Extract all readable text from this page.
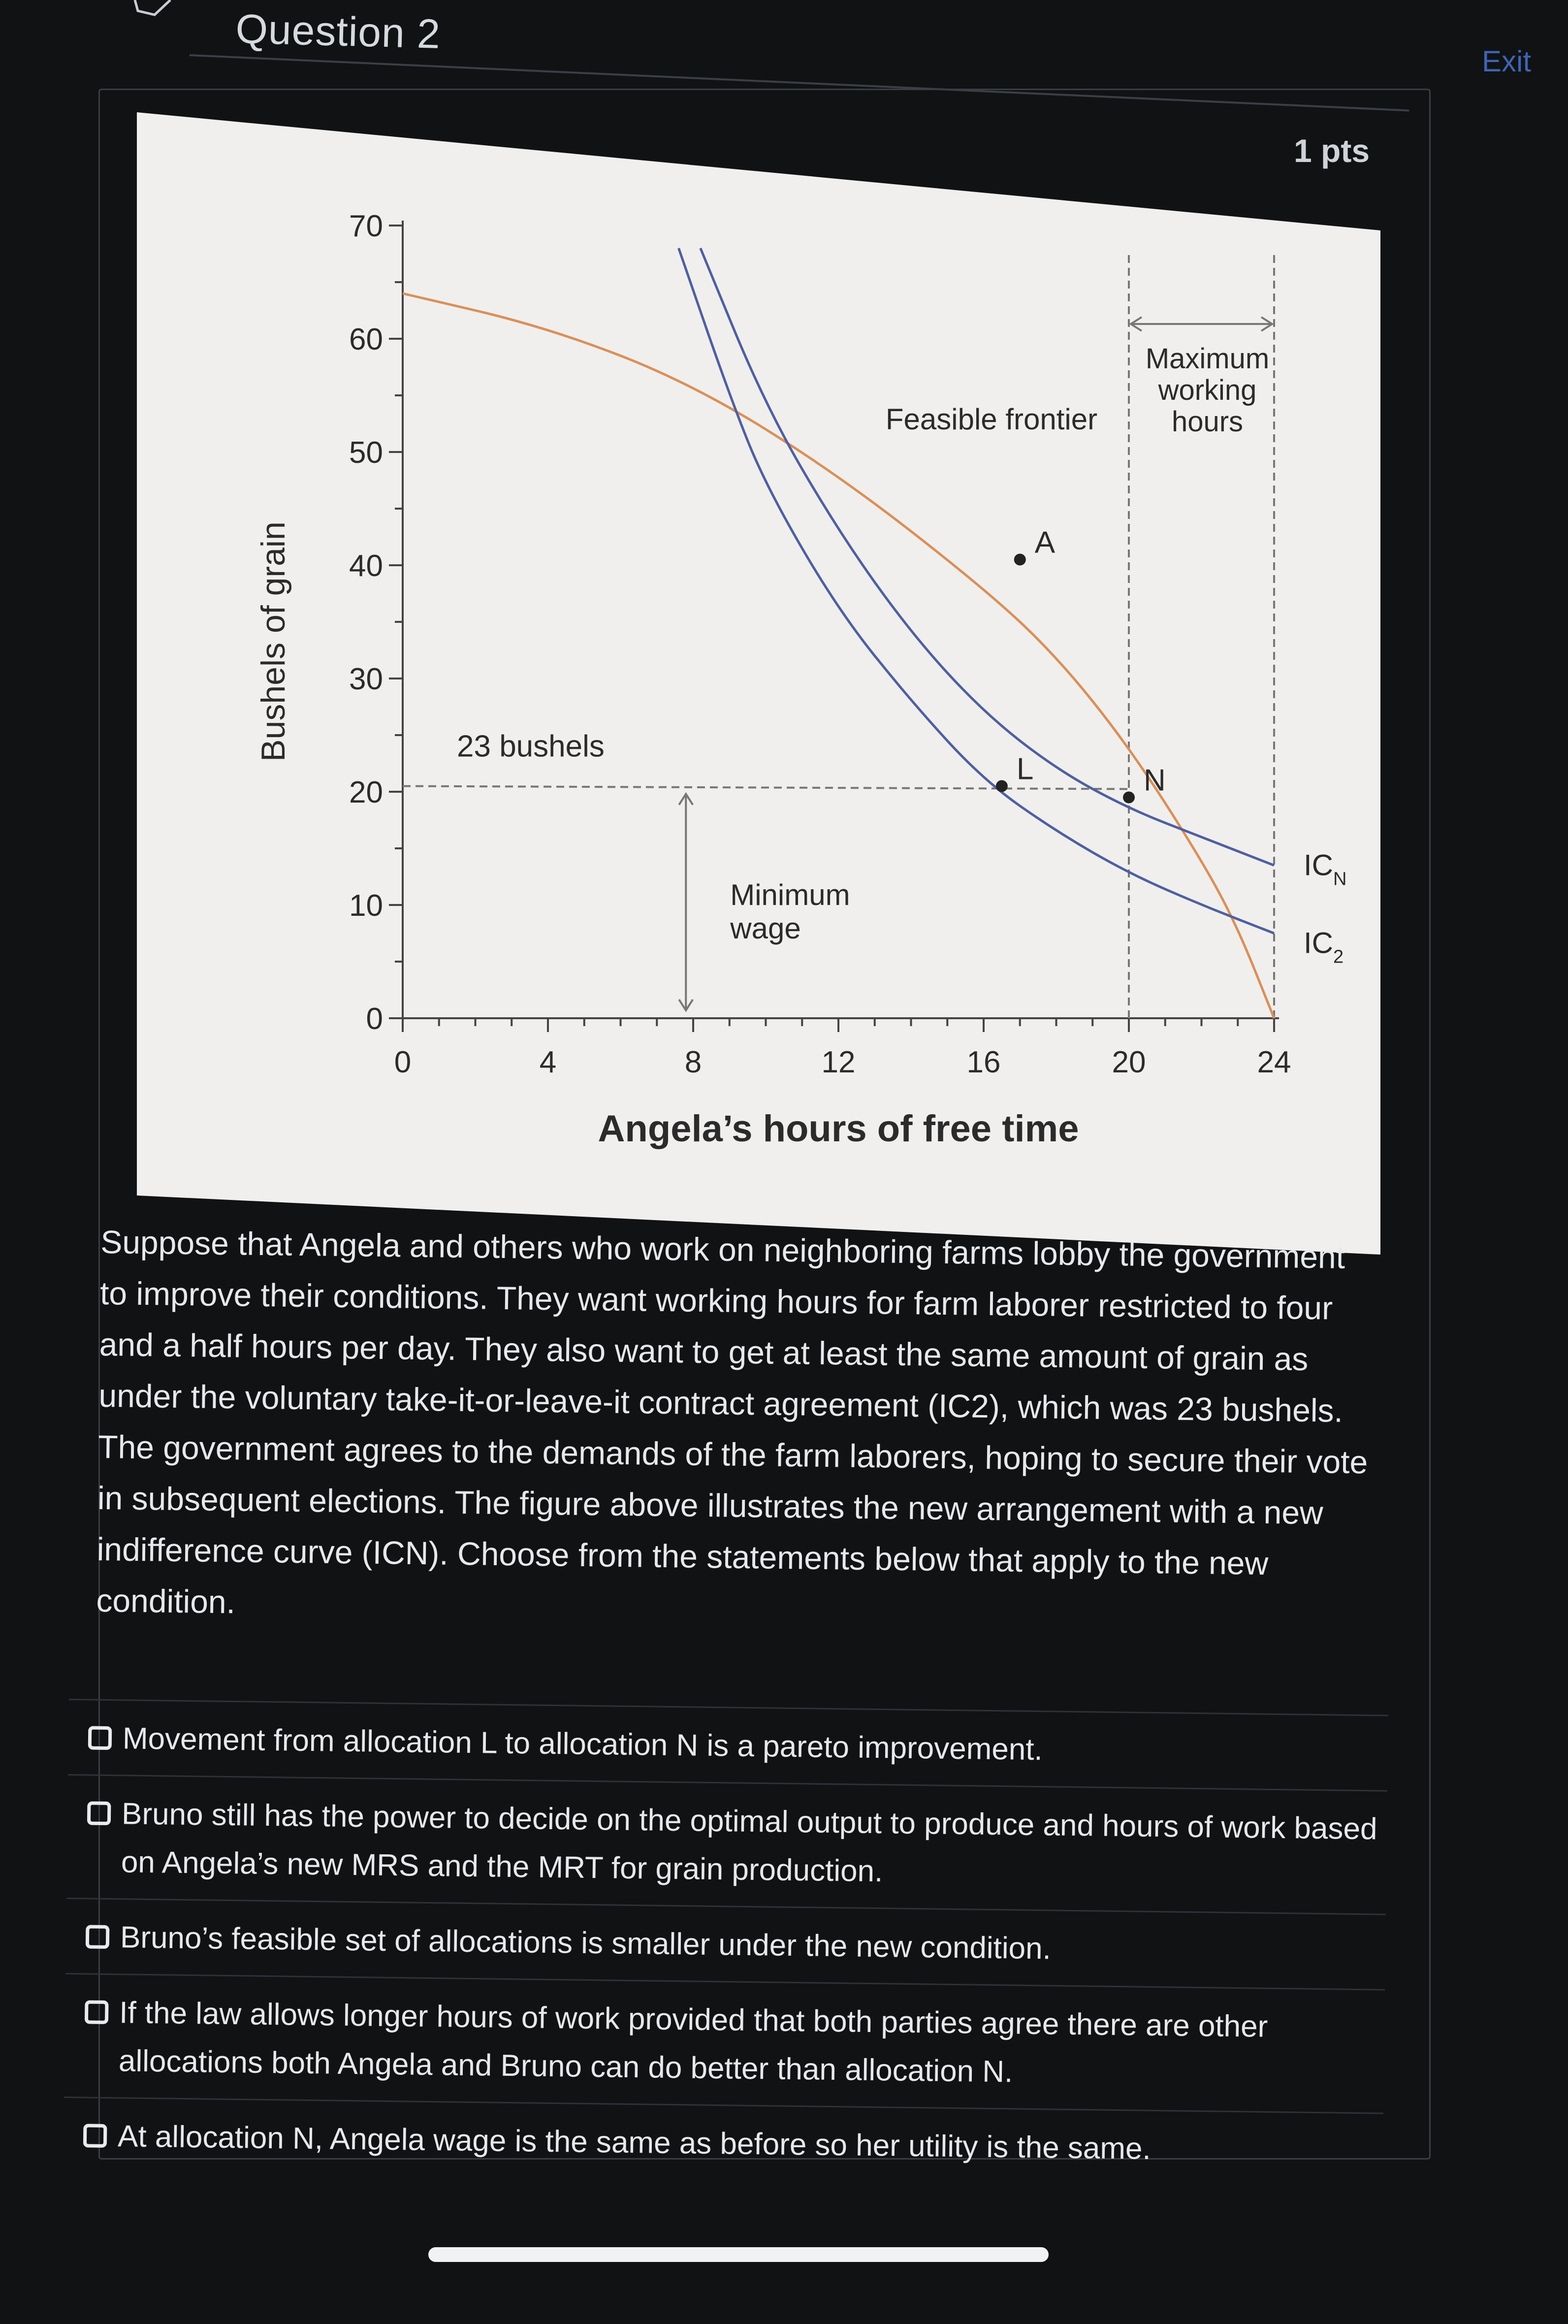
Question 2
Exit
1 pts
0
10
20
30
40
50
60
70
0	4	8	12	16	20	24
Angela’s hours of free time
Bushels of grain	A
L	N
23 bushels
Feasible frontier
Minimum
wage
Maximum
working
hours
$IC_N$
$IC_2$
Suppose that Angela and others who work on neighboring farms lobby the government to improve their conditions. They want working hours for farm laborer restricted to four and a half hours per day. They also want to get at least the same amount of grain as under the voluntary take-it-or-leave-it contract agreement (IC2), which was 23 bushels. The government agrees to the demands of the farm laborers, hoping to secure their vote in subsequent elections. The figure above illustrates the new arrangement with a new indifference curve (ICN). Choose from the statements below that apply to the new condition.
Movement from allocation L to allocation N is a pareto improvement.
Bruno still has the power to decide on the optimal output to produce and hours of work based on Angela’s new MRS and the MRT for grain production.
Bruno’s feasible set of allocations is smaller under the new condition.
If the law allows longer hours of work provided that both parties agree there are other allocations both Angela and Bruno can do better than allocation N.
At allocation N, Angela wage is the same as before so her utility is the same.
